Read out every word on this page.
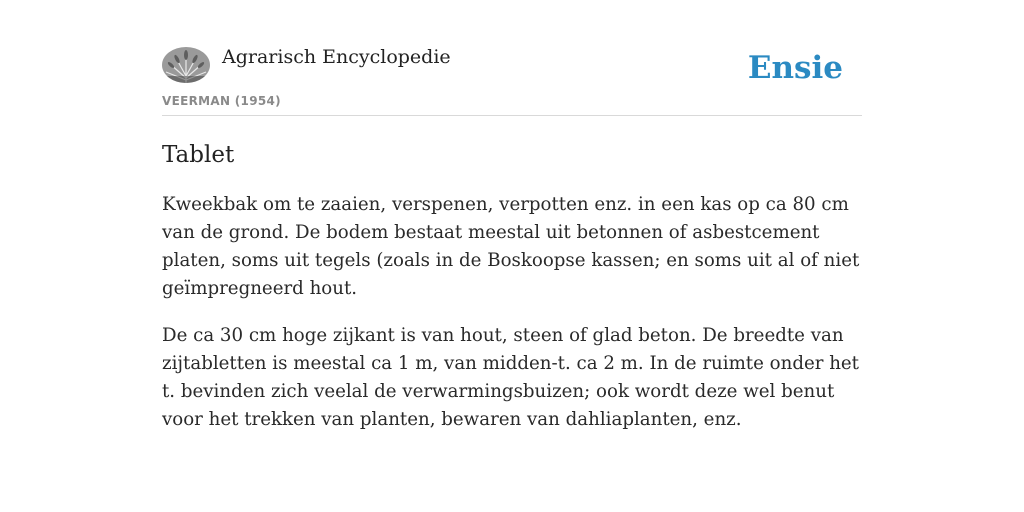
Agrarisch Encyclopedie
VEERMAN (1954)
Ensie
Tablet

Kweekbak om te zaaien, verspenen, verpotten enz. in een kas op ca 80 cm van de grond. De bodem bestaat meestal uit betonnen of asbestcement platen, soms uit tegels (zoals in de Boskoopse kassen; en soms uit al of niet geïmpregneerd hout.

De ca 30 cm hoge zijkant is van hout, steen of glad beton. De breedte van zijtabletten is meestal ca 1 m, van midden-t. ca 2 m. In de ruimte onder het t. bevinden zich veelal de verwarmingsbuizen; ook wordt deze wel benut voor het trekken van planten, bewaren van dahliaplanten, enz.
